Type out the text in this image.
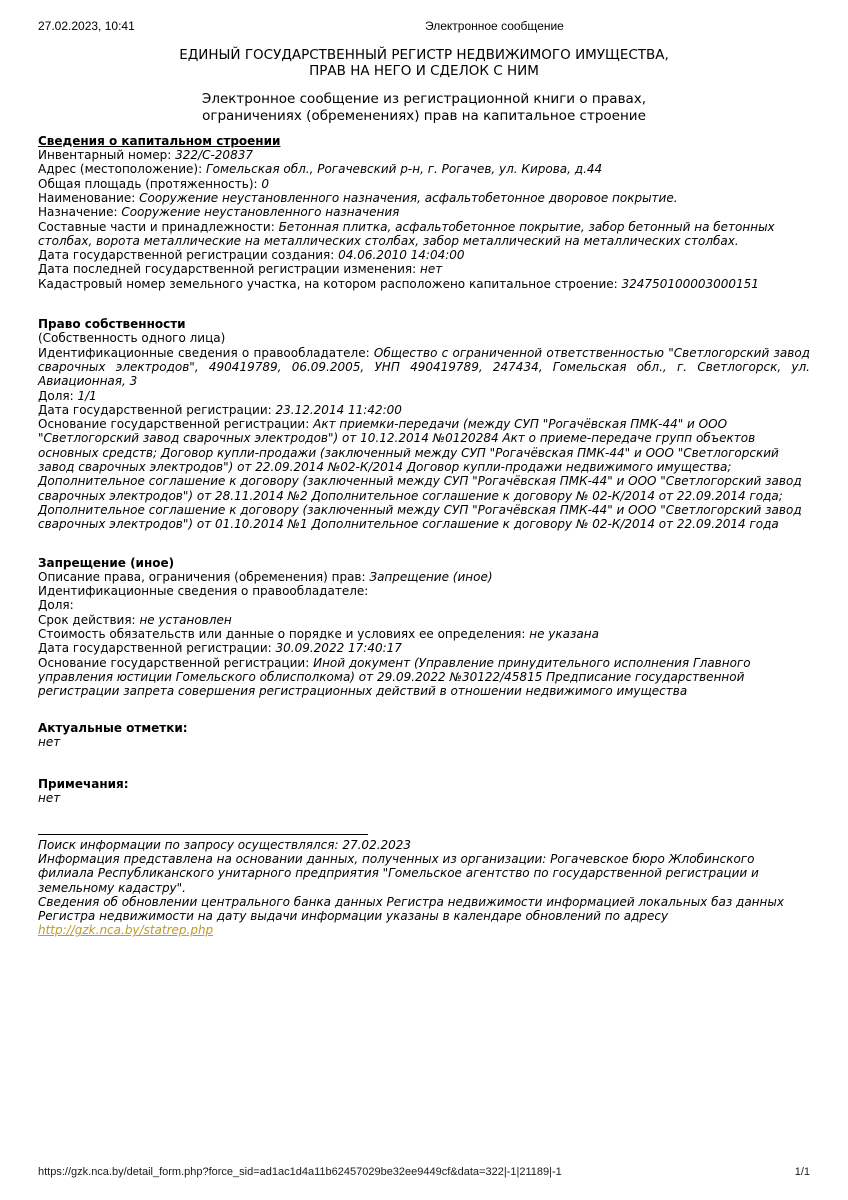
27.02.2023, 10:41	Электронное сообщение
ЕДИНЫЙ ГОСУДАРСТВЕННЫЙ РЕГИСТР НЕДВИЖИМОГО ИМУЩЕСТВА,
ПРАВ НА НЕГО И СДЕЛОК С НИМ
Электронное сообщение из регистрационной книги о правах,
ограничениях (обременениях) прав на капитальное строение

Сведения о капитальном строении

Инвентарный номер: 322/C-20837

Адрес (местоположение): Гомельская обл., Рогачевский р-н, г. Рогачев, ул. Кирова, д.44

Общая площадь (протяженность): 0

Наименование: Сооружение неустановленного назначения, асфальтобетонное дворовое покрытие.

Назначение: Сооружение неустановленного назначения

Составные части и принадлежности: Бетонная плитка, асфальтобетонное покрытие, забор бетонный на бетонных столбах, ворота металлические на металлических столбах, забор металлический на металлических столбах.

Дата государственной регистрации создания: 04.06.2010 14:04:00

Дата последней государственной регистрации изменения: нет

Кадастровый номер земельного участка, на котором расположено капитальное строение: 324750100003000151

Право собственности

(Собственность одного лица)

Идентификационные сведения о правообладателе: Общество с ограниченной ответственностью "Светлогорский завод сварочных электродов", 490419789, 06.09.2005, УНП 490419789, 247434, Гомельская обл., г. Светлогорск, ул. Авиационная, 3

Доля: 1/1

Дата государственной регистрации: 23.12.2014 11:42:00

Основание государственной регистрации: Акт приемки-передачи (между СУП "Рогачёвская ПМК-44" и ООО "Светлогорский завод сварочных электродов") от 10.12.2014 №0120284 Акт о приеме-передаче групп объектов основных средств; Договор купли-продажи (заключенный между СУП "Рогачёвская ПМК-44" и ООО "Светлогорский завод сварочных электродов") от 22.09.2014 №02-К/2014 Договор купли-продажи недвижимого имущества; Дополнительное соглашение к договору (заключенный между СУП "Рогачёвская ПМК-44" и ООО "Светлогорский завод сварочных электродов") от 28.11.2014 №2 Дополнительное соглашение к договору № 02-К/2014 от 22.09.2014 года; Дополнительное соглашение к договору (заключенный между СУП "Рогачёвская ПМК-44" и ООО "Светлогорский завод сварочных электродов") от 01.10.2014 №1 Дополнительное соглашение к договору № 02-К/2014 от 22.09.2014 года

Запрещение (иное)

Описание права, ограничения (обременения) прав: Запрещение (иное)

Идентификационные сведения о правообладателе:

Доля:

Срок действия: не установлен

Стоимость обязательств или данные о порядке и условиях ее определения: не указана

Дата государственной регистрации: 30.09.2022 17:40:17

Основание государственной регистрации: Иной документ (Управление принудительного исполнения Главного управления юстиции Гомельского облисполкома) от 29.09.2022 №30122/45815 Предписание государственной регистрации запрета совершения регистрационных действий в отношении недвижимого имущества

Актуальные отметки:

нет

Примечания:

нет

Поиск информации по запросу осуществлялся: 27.02.2023

Информация представлена на основании данных, полученных из организации: Рогачевское бюро Жлобинского филиала Республиканского унитарного предприятия "Гомельское агентство по государственной регистрации и земельному кадастру".

Сведения об обновлении центрального банка данных Регистра недвижимости информацией локальных баз данных Регистра недвижимости на дату выдачи информации указаны в календаре обновлений по адресу

http://gzk.nca.by/statrep.php

https://gzk.nca.by/detail_form.php?force_sid=ad1ac1d4a11b62457029be32ee9449cf&data=322|-1|21189|-1	1/1
